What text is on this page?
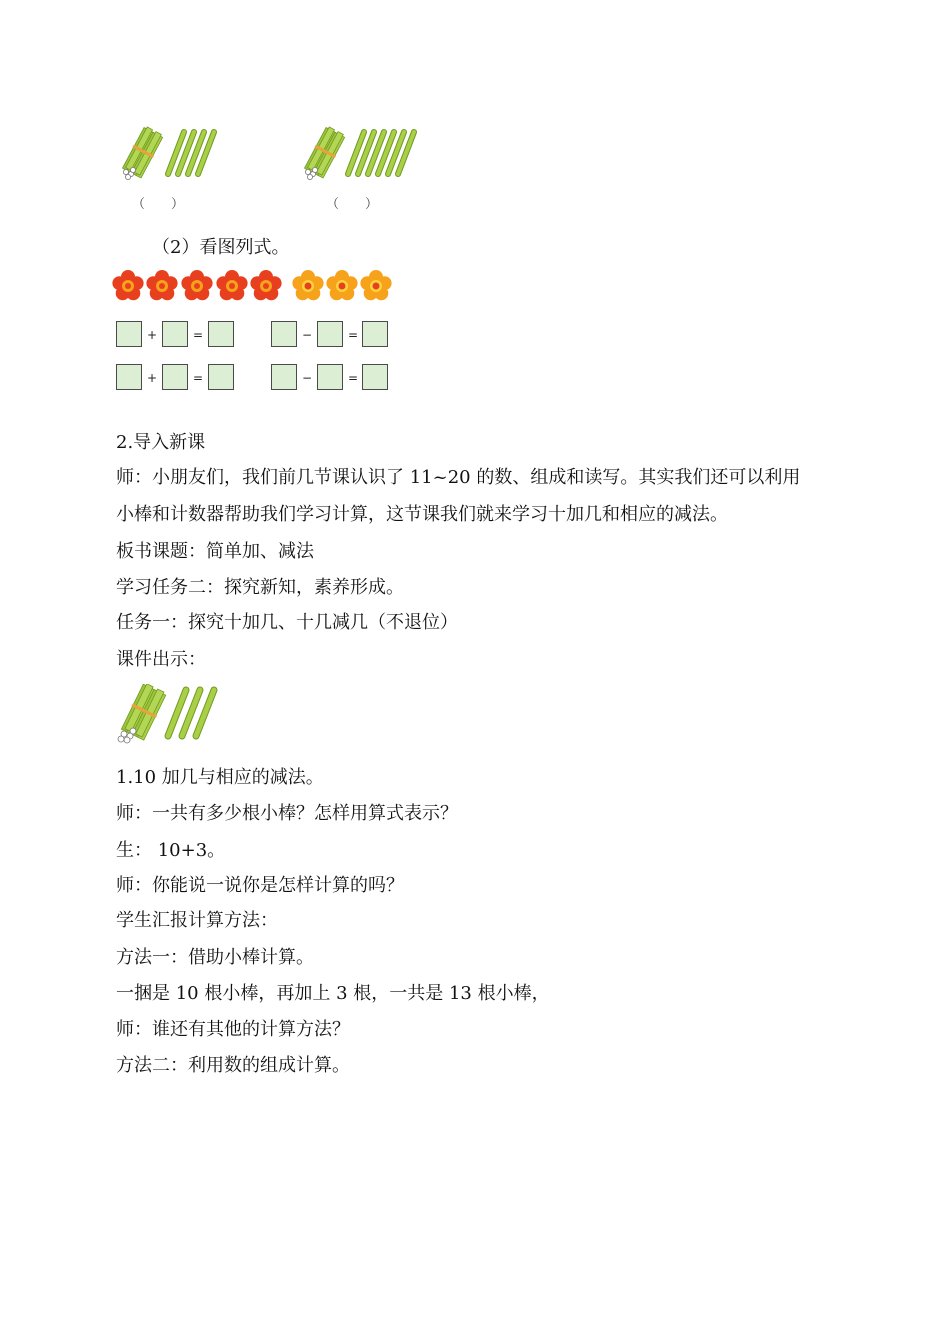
（　　）	（　　）
（2）看图列式。
+	=	−	=
+	=	−	=
2.导入新课
师：小朋友们，我们前几节课认识了 11~20 的数、组成和读写。其实我们还可以利用
小棒和计数器帮助我们学习计算，这节课我们就来学习十加几和相应的减法。
板书课题：简单加、减法
学习任务二：探究新知，素养形成。
任务一：探究十加几、十几减几（不退位）
课件出示：
1.10 加几与相应的减法。
师：一共有多少根小棒？怎样用算式表示？
生： 10+3。
师：你能说一说你是怎样计算的吗？
学生汇报计算方法：
方法一：借助小棒计算。
一捆是 10 根小棒，再加上 3 根，一共是 13 根小棒，
师：谁还有其他的计算方法？
方法二：利用数的组成计算。
